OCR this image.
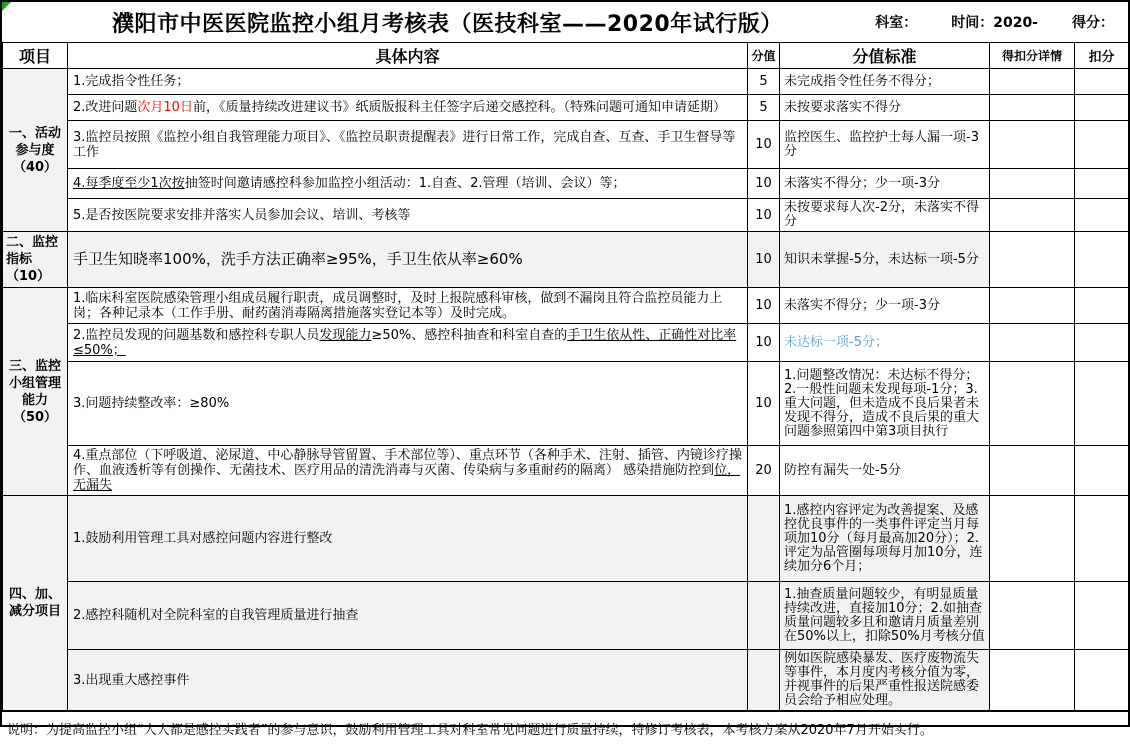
濮阳市中医医院监控小组月考核表（医技科室——2020年试行版）	科室： 时间：2020- 得分：
项目	具体内容	分值	分值标准	得扣分详情	扣分
一、活动参与度（40）	1.完成指令性任务；	5	未完成指令性任务不得分；		
	2.改进问题次月10日前，《质量持续改进建议书》纸质版报科主任签字后递交感控科。（特殊问题可通知申请延期）	5	未按要求落实不得分		
	3.监控员按照《监控小组自我管理能力项目》、《监控员职责提醒表》进行日常工作，完成自查、互查、手卫生督导等工作	10	监控医生、监控护士每人漏一项-3分		
	4.每季度至少1次按抽签时间邀请感控科参加监控小组活动：1.自查、2.管理（培训、会议）等；	10	未落实不得分；少一项-3分		
	5.是否按医院要求安排并落实人员参加会议、培训、考核等	10	未按要求每人次-2分，未落实不得分		
二、监控指标（10）	手卫生知晓率100%，洗手方法正确率≥95%，手卫生依从率≥60%	10	知识未掌握-5分，未达标一项-5分		
三、监控小组管理能力（50）	1.临床科室医院感染管理小组成员履行职责，成员调整时，及时上报院感科审核，做到不漏岗且符合监控员能力上岗；各种记录本（工作手册、耐药菌消毒隔离措施落实登记本等）及时完成。	10	未落实不得分；少一项-3分		
	2.监控员发现的问题基数和感控科专职人员发现能力≥50%、感控科抽查和科室自查的手卫生依从性、正确性对比率≤50%；	10	未达标一项-5分；		
	3.问题持续整改率：≥80%	10	1.问题整改情况：未达标不得分；2.一般性问题未发现每项-1分；3.重大问题，但未造成不良后果者未发现不得分，造成不良后果的重大问题参照第四中第3项目执行		
	4.重点部位（下呼吸道、泌尿道、中心静脉导管留置、手术部位等）、重点环节（各种手术、注射、插管、内镜诊疗操作、血液透析等有创操作、无菌技术、医疗用品的清洗消毒与灭菌、传染病与多重耐药的隔离） 感染措施防控到位，无漏失	20	防控有漏失一处-5分		
四、加、减分项目	1.鼓励利用管理工具对感控问题内容进行整改		1.感控内容评定为改善提案、及感控优良事件的一类事件评定当月每项加10分（每月最高加20分）；2.评定为品管圈每项每月加10分，连续加分6个月；		
	2.感控科随机对全院科室的自我管理质量进行抽查		1.抽查质量问题较少，有明显质量持续改进，直接加10分；2.如抽查质量问题较多且和邀请月质量差别在50%以上，扣除50%月考核分值		
	3.出现重大感控事件		例如医院感染暴发、医疗废物流失等事件，本月度内考核分值为零，并视事件的后果严重性报送院感委员会给予相应处理。		
说明：为提高监控小组“人人都是感控实践者”的参与意识，鼓励利用管理工具对科室常见问题进行质量持续，特修订考核表，本考核方案从2020年7月开始实行。
